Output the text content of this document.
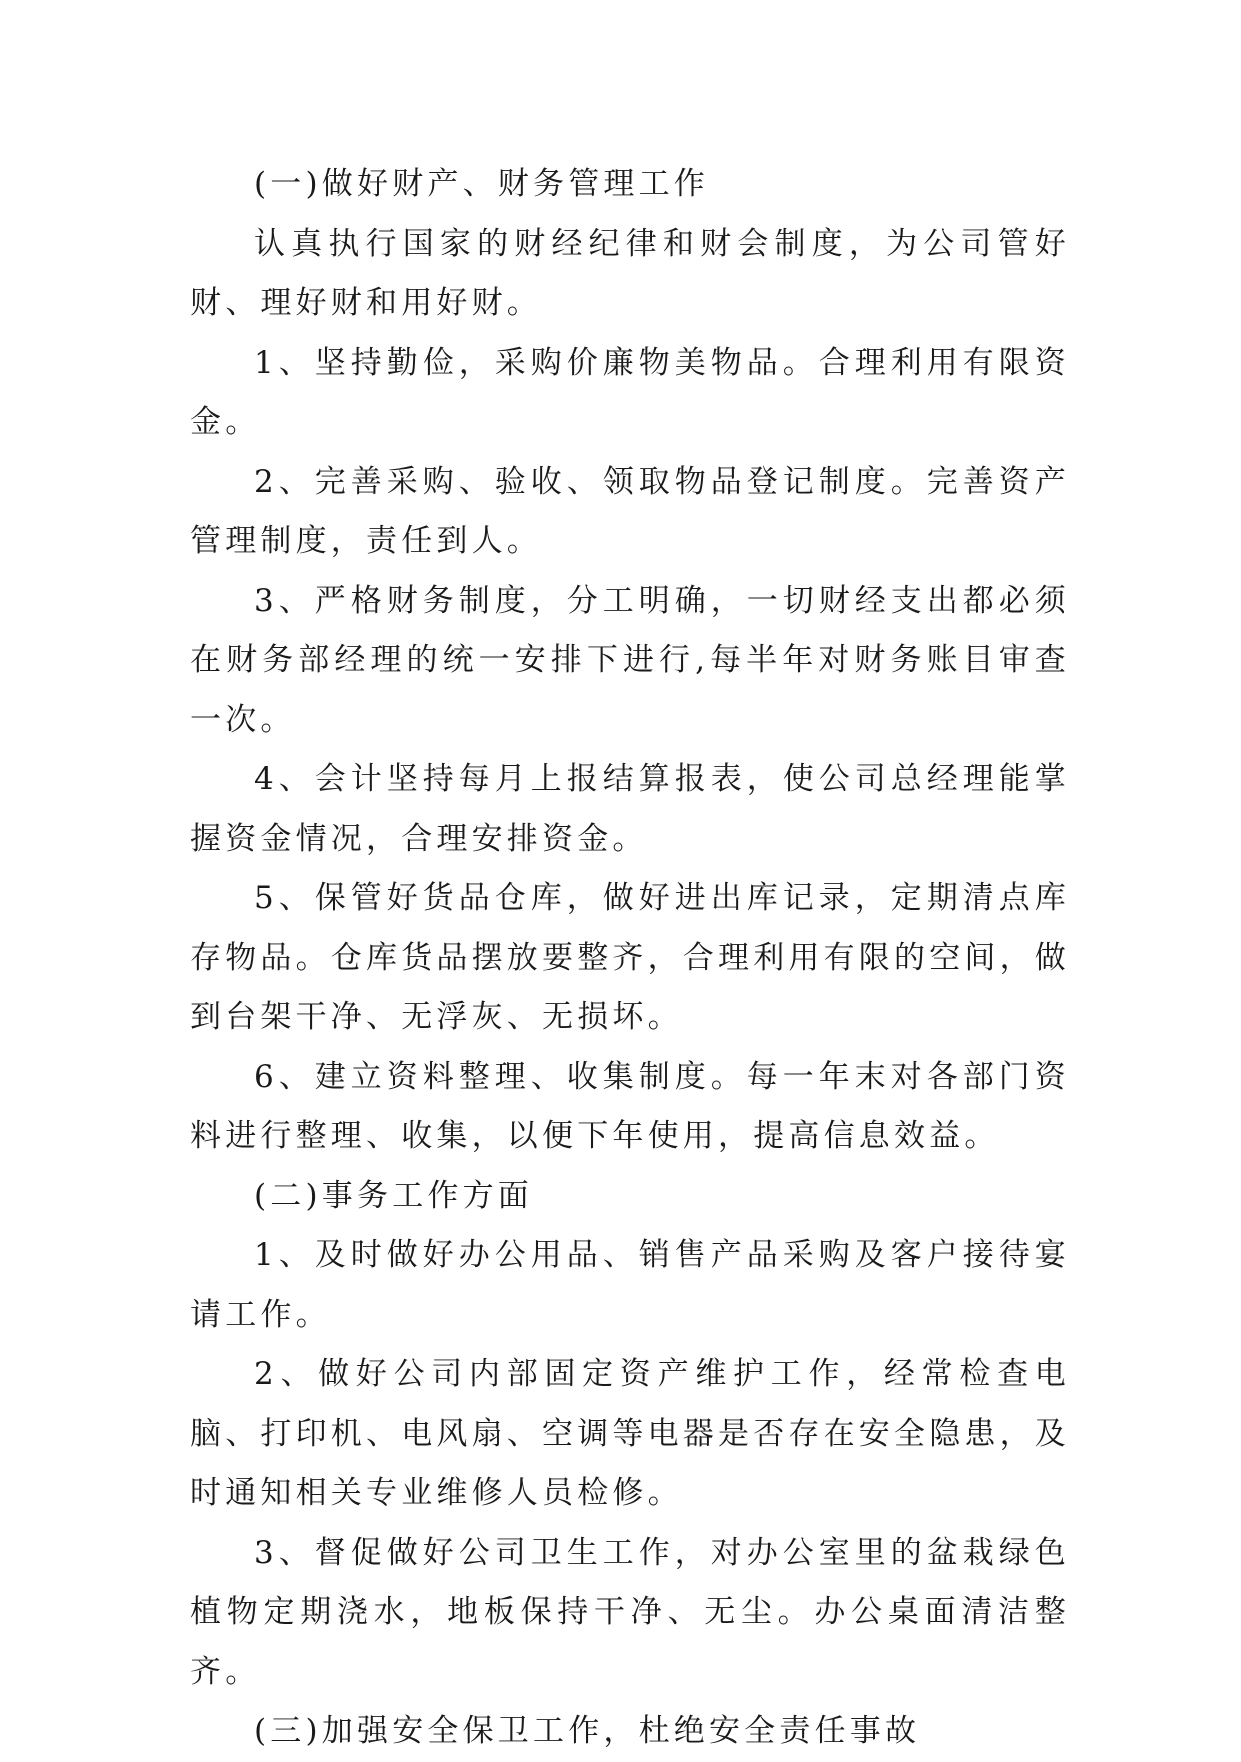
(一)做好财产、财务管理工作

认真执行国家的财经纪律和财会制度，为公司管好财、理好财和用好财。

1、坚持勤俭，采购价廉物美物品。合理利用有限资金。

2、完善采购、验收、领取物品登记制度。完善资产管理制度，责任到人。

3、严格财务制度，分工明确，一切财经支出都必须在财务部经理的统一安排下进行,每半年对财务账目审查一次。

4、会计坚持每月上报结算报表，使公司总经理能掌握资金情况，合理安排资金。

5、保管好货品仓库，做好进出库记录，定期清点库存物品。仓库货品摆放要整齐，合理利用有限的空间，做到台架干净、无浮灰、无损坏。

6、建立资料整理、收集制度。每一年末对各部门资料进行整理、收集，以便下年使用，提高信息效益。

(二)事务工作方面

1、及时做好办公用品、销售产品采购及客户接待宴请工作。

2、做好公司内部固定资产维护工作，经常检查电脑、打印机、电风扇、空调等电器是否存在安全隐患，及时通知相关专业维修人员检修。

3、督促做好公司卫生工作，对办公室里的盆栽绿色植物定期浇水，地板保持干净、无尘。办公桌面清洁整齐。

(三)加强安全保卫工作，杜绝安全责任事故
